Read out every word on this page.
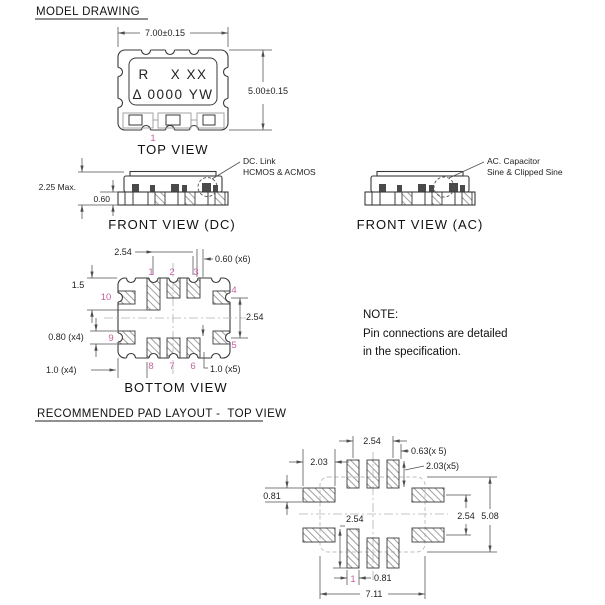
MODEL DRAWING
7.00±0.15
R    X XX
Δ 0000 YW	5.00±0.15
1
TOP VIEW
DC. Link
HCMOS & ACMOS
2.25 Max.
0.60
FRONT VIEW (DC)
AC. Capacitor
Sine & Clipped Sine
FRONT VIEW (AC)
2.54
0.60 (x6)
1.5
0.80 (x4)
2.54
1.0 (x4)	1.0 (x5)
1 2 3
4
5
6
7
8
9
10
BOTTOM VIEW
NOTE:
Pin connections are detailed
in the specification.
RECOMMENDED PAD LAYOUT -  TOP VIEW
2.54
0.63(x 5)
2.03(x5)
2.03
0.81
2.54	2.54 5.08
1 0.81
7.11
